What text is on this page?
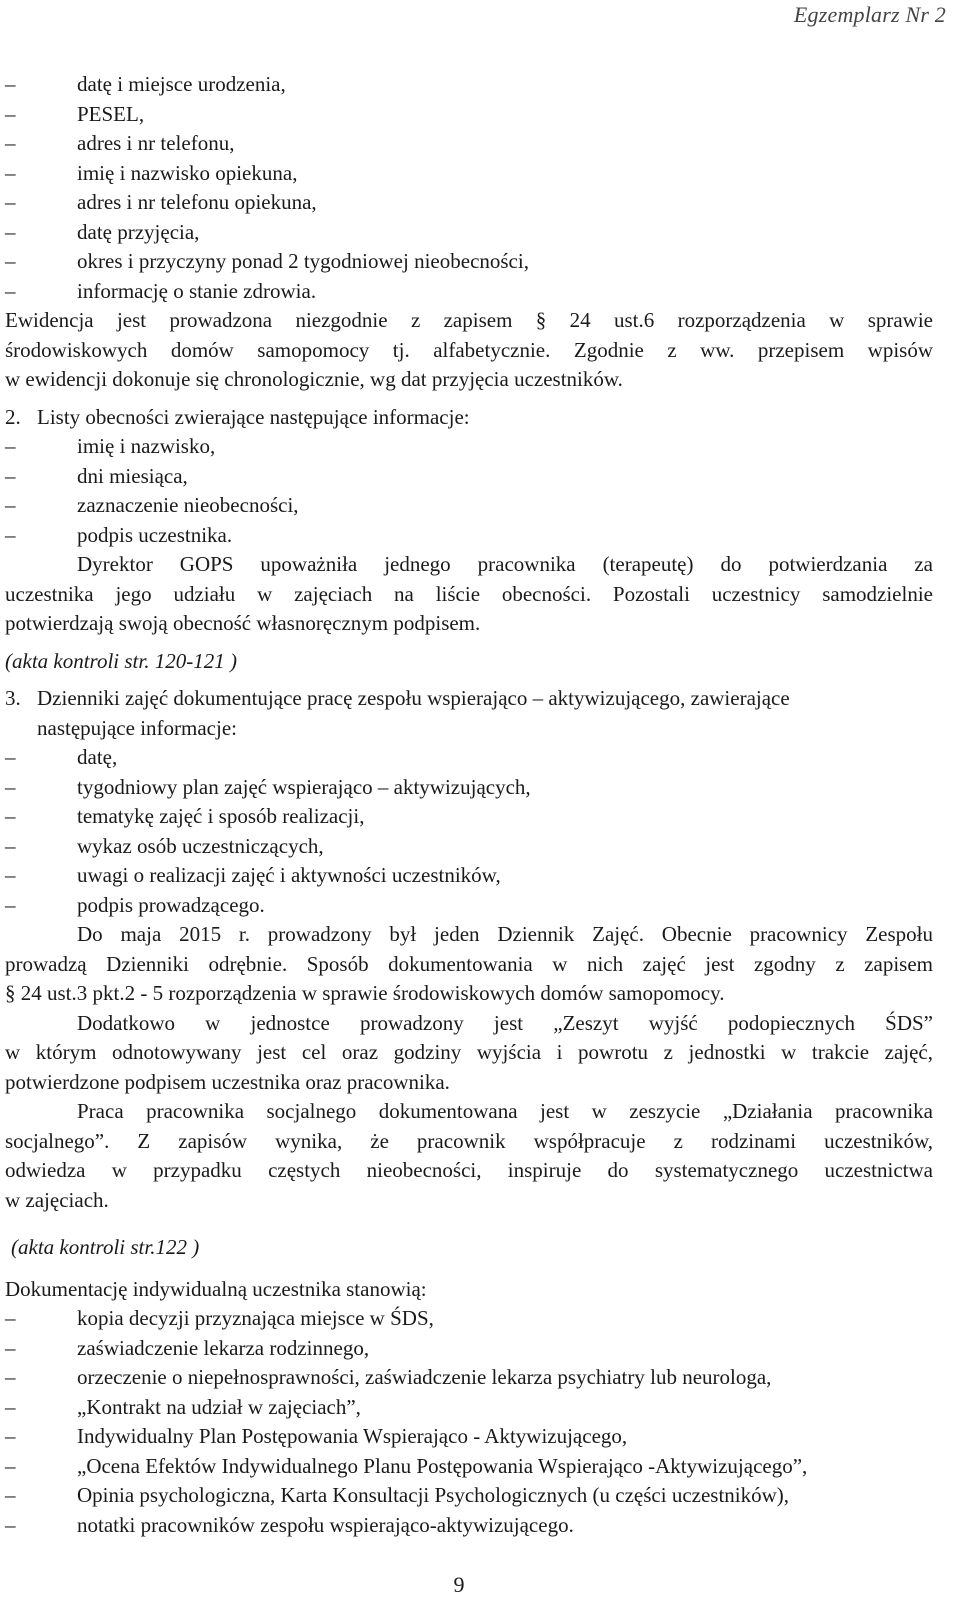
Egzemplarz Nr 2
– datę i miejsce urodzenia,
– PESEL,
– adres i nr telefonu,
– imię i nazwisko opiekuna,
– adres i nr telefonu opiekuna,
– datę przyjęcia,
– okres i przyczyny ponad 2 tygodniowej nieobecności,
– informację o stanie zdrowia.
Ewidencja jest prowadzona niezgodnie z zapisem § 24 ust.6 rozporządzenia w sprawie
środowiskowych domów samopomocy tj. alfabetycznie. Zgodnie z ww. przepisem wpisów
w ewidencji dokonuje się chronologicznie, wg dat przyjęcia uczestników.
2. Listy obecności zwierające następujące informacje:
– imię i nazwisko,
– dni miesiąca,
– zaznaczenie nieobecności,
– podpis uczestnika.
Dyrektor GOPS upoważniła jednego pracownika (terapeutę) do potwierdzania za
uczestnika jego udziału w zajęciach na liście obecności. Pozostali uczestnicy samodzielnie
potwierdzają swoją obecność własnoręcznym podpisem.
(akta kontroli str. 120-121 )
3. Dzienniki zajęć dokumentujące pracę zespołu wspierająco – aktywizującego, zawierające
następujące informacje:
– datę,
– tygodniowy plan zajęć wspierająco – aktywizujących,
– tematykę zajęć i sposób realizacji,
– wykaz osób uczestniczących,
– uwagi o realizacji zajęć i aktywności uczestników,
– podpis prowadzącego.
Do maja 2015 r. prowadzony był jeden Dziennik Zajęć. Obecnie pracownicy Zespołu
prowadzą Dzienniki odrębnie. Sposób dokumentowania w nich zajęć jest zgodny z zapisem
§ 24 ust.3 pkt.2 - 5 rozporządzenia w sprawie środowiskowych domów samopomocy.
Dodatkowo w jednostce prowadzony jest „Zeszyt wyjść podopiecznych ŚDS”
w którym odnotowywany jest cel oraz godziny wyjścia i powrotu z jednostki w trakcie zajęć,
potwierdzone podpisem uczestnika oraz pracownika.
Praca pracownika socjalnego dokumentowana jest w zeszycie „Działania pracownika
socjalnego”. Z zapisów wynika, że pracownik współpracuje z rodzinami uczestników,
odwiedza w przypadku częstych nieobecności, inspiruje do systematycznego uczestnictwa
w zajęciach.
(akta kontroli str.122 )
Dokumentację indywidualną uczestnika stanowią:
– kopia decyzji przyznająca miejsce w ŚDS,
– zaświadczenie lekarza rodzinnego,
– orzeczenie o niepełnosprawności, zaświadczenie lekarza psychiatry lub neurologa,
– „Kontrakt na udział w zajęciach”,
– Indywidualny Plan Postępowania Wspierająco - Aktywizującego,
– „Ocena Efektów Indywidualnego Planu Postępowania Wspierająco -Aktywizującego”,
– Opinia psychologiczna, Karta Konsultacji Psychologicznych (u części uczestników),
– notatki pracowników zespołu wspierająco-aktywizującego.
9
